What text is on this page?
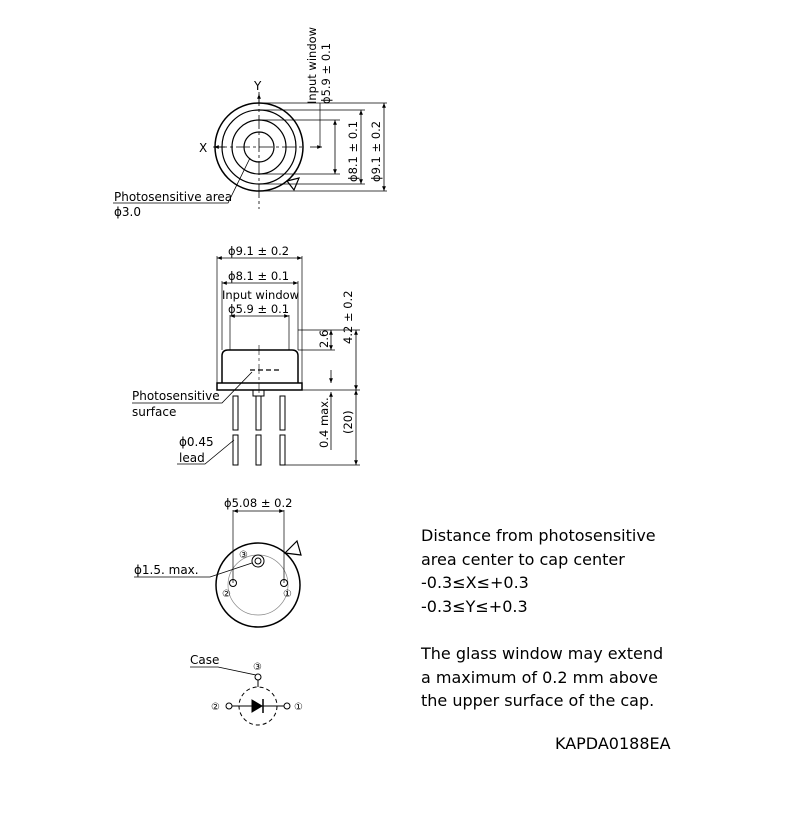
X
Y	Input window ϕ5.9 ± 0.1
ϕ8.1 ± 0.1 ϕ9.1 ± 0.2
Photosensitive area
ϕ3.0
ϕ9.1 ± 0.2
ϕ8.1 ± 0.1
Input window
ϕ5.9 ± 0.1
2.6 4.2 ± 0.2
0.4 max. (20)
Photosensitive
surface
ϕ0.45
lead
ϕ5.08 ± 0.2
ϕ1.5. max.
①
②
③
Case
③
②	①
Distance from photosensitive
area center to cap center
-0.3≤X≤+0.3
-0.3≤Y≤+0.3
The glass window may extend
a maximum of 0.2 mm above
the upper surface of the cap.
KAPDA0188EA
